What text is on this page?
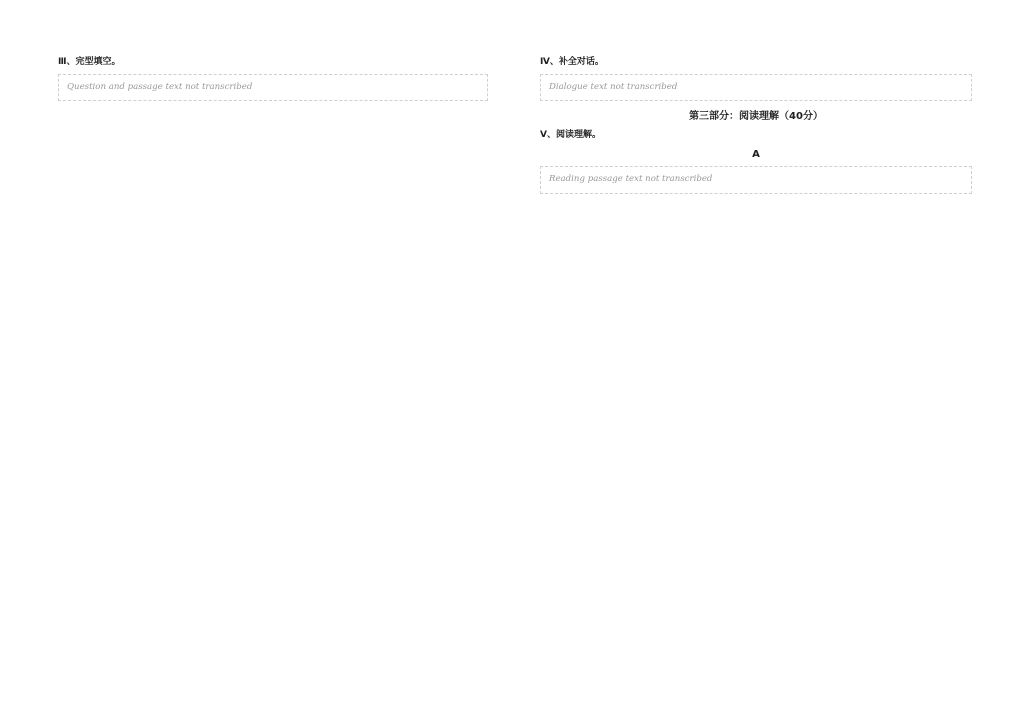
Ⅲ、完型填空。
Question and passage text not transcribed
Ⅳ、补全对话。
Dialogue text not transcribed
第三部分：阅读理解（40分）
Ⅴ、阅读理解。
A
Reading passage text not transcribed
